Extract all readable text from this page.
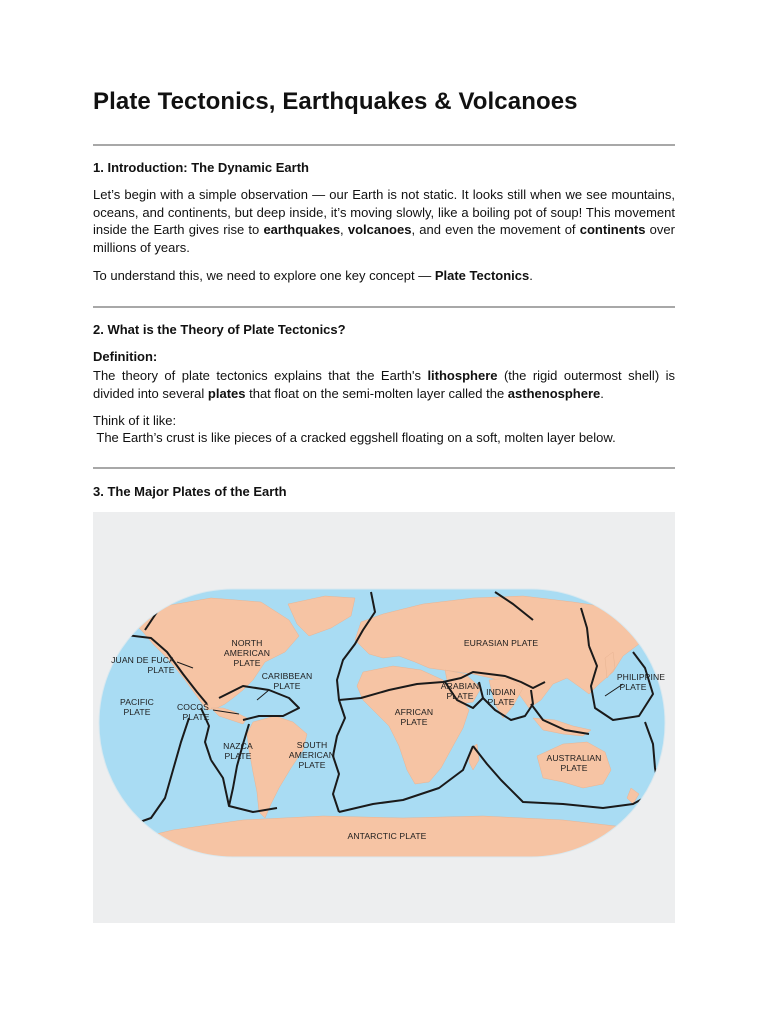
Plate Tectonics, Earthquakes & Volcanoes
1. Introduction: The Dynamic Earth

Let’s begin with a simple observation — our Earth is not static. It looks still when we see mountains, oceans, and continents, but deep inside, it’s moving slowly, like a boiling pot of soup! This movement inside the Earth gives rise to earthquakes, volcanoes, and even the movement of continents over millions of years.

To understand this, we need to explore one key concept — Plate Tectonics.

2. What is the Theory of Plate Tectonics?

Definition:

The theory of plate tectonics explains that the Earth's lithosphere (the rigid outermost shell) is divided into several plates that float on the semi-molten layer called the asthenosphere.

Think of it like:

The Earth’s crust is like pieces of a cracked eggshell floating on a soft, molten layer below.

3. The Major Plates of the Earth
NORTH AMERICAN PLATE
EURASIAN PLATE
JUAN DE FUCA PLATE
CARIBBEAN PLATE
PACIFIC PLATE	COCOS PLATE
NAZCA PLATE
SOUTH AMERICAN PLATE
AFRICAN PLATE
ARABIAN PLATE	INDIAN PLATE
PHILIPPINE PLATE
AUSTRALIAN PLATE
ANTARCTIC PLATE
